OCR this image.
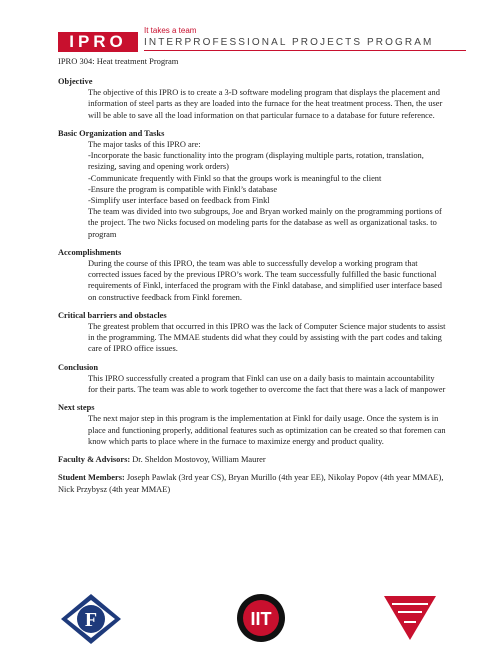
IPRO
It takes a team
INTERPROFESSIONAL PROJECTS PROGRAM
IPRO 304: Heat treatment Program

Objective

The objective of this IPRO is to create a 3-D software modeling program that displays the placement and information of steel parts as they are loaded into the furnace for the heat treatment process. Then, the user will be able to save all the load information on that particular furnace to a database for future reference.

Basic Organization and Tasks

The major tasks of this IPRO are:
-Incorporate the basic functionality into the program (displaying multiple parts, rotation, translation, resizing, saving and opening work orders)
-Communicate frequently with Finkl so that the groups work is meaningful to the client
-Ensure the program is compatible with Finkl’s database
-Simplify user interface based on feedback from Finkl
The team was divided into two subgroups, Joe and Bryan worked mainly on the programming portions of the project. The two Nicks focused on modeling parts for the database as well as organizational tasks. to program

Accomplishments

During the course of this IPRO, the team was able to successfully develop a working program that corrected issues faced by the previous IPRO’s work. The team successfully fulfilled the basic functional requirements of Finkl, interfaced the program with the Finkl database, and simplified user interface based on constructive feedback from Finkl foremen.

Critical barriers and obstacles

The greatest problem that occurred in this IPRO was the lack of Computer Science major students to assist in the programming. The MMAE students did what they could by assisting with the part codes and taking care of IPRO office issues.

Conclusion

This IPRO successfully created a program that Finkl can use on a daily basis to maintain accountability for their parts. The team was able to work together to overcome the fact that there was a lack of manpower

Next steps

The next major step in this program is the implementation at Finkl for daily usage. Once the system is in place and functioning properly, additional features such as optimization can be created so that foremen can know which parts to place where in the furnace to maximize energy and product quality.

Faculty & Advisors: Dr. Sheldon Mostovoy, William Maurer
Student Members: Joseph Pawlak (3rd year CS), Bryan Murillo (4th year EE), Nikolay Popov (4th year MMAE), Nick Przybysz (4th year MMAE)
F	IIT
